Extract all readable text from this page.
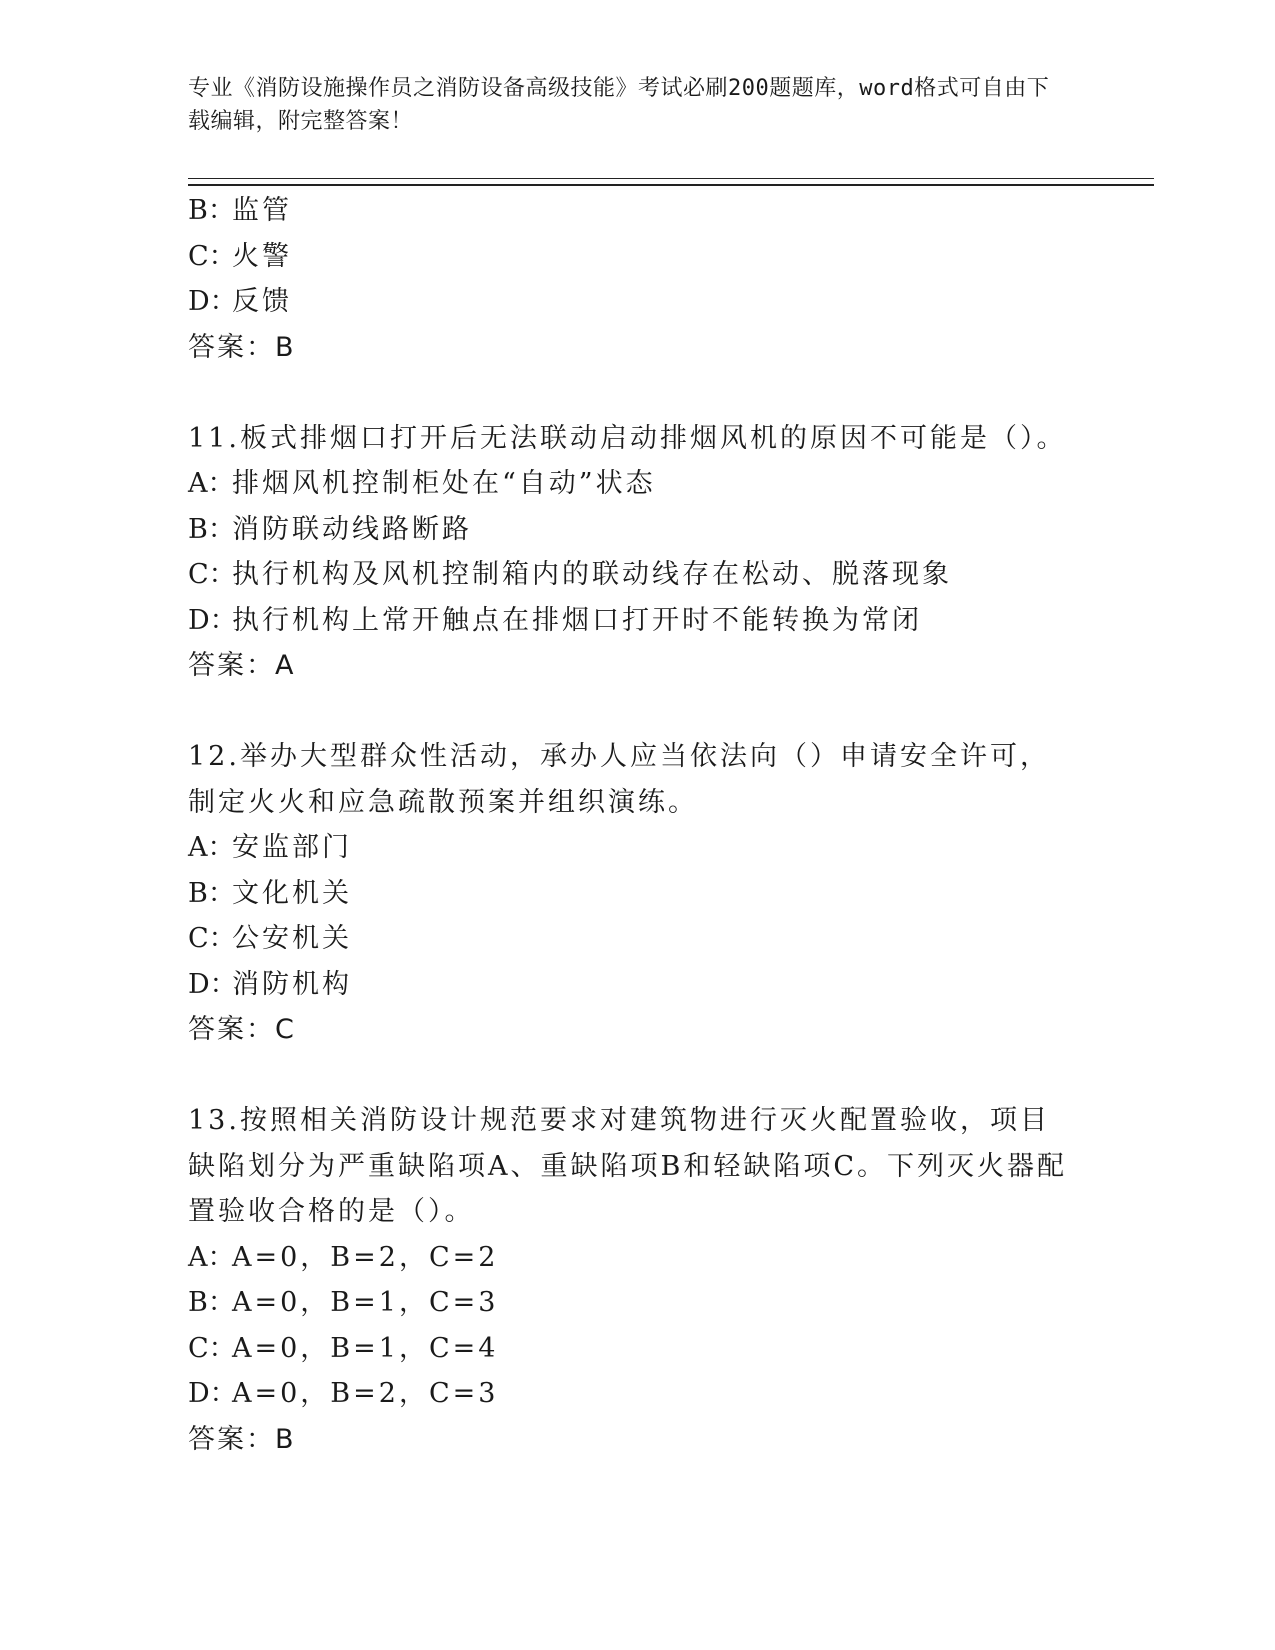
专业《消防设施操作员之消防设备高级技能》考试必刷200题题库，word格式可自由下载编辑，附完整答案！
B：监管
C：火警
D：反馈
答案：B
11.板式排烟口打开后无法联动启动排烟风机的原因不可能是（）。
A：排烟风机控制柜处在“自动”状态
B：消防联动线路断路
C：执行机构及风机控制箱内的联动线存在松动、脱落现象
D：执行机构上常开触点在排烟口打开时不能转换为常闭
答案：A
12.举办大型群众性活动，承办人应当依法向（）申请安全许可，制定火火和应急疏散预案并组织演练。
A：安监部门
B：文化机关
C：公安机关
D：消防机构
答案：C
13.按照相关消防设计规范要求对建筑物进行灭火配置验收，项目缺陷划分为严重缺陷项A、重缺陷项B和轻缺陷项C。下列灭火器配置验收合格的是（）。
A：A=0，B=2，C=2
B：A=0，B=1，C=3
C：A=0，B=1，C=4
D：A=0，B=2，C=3
答案：B
